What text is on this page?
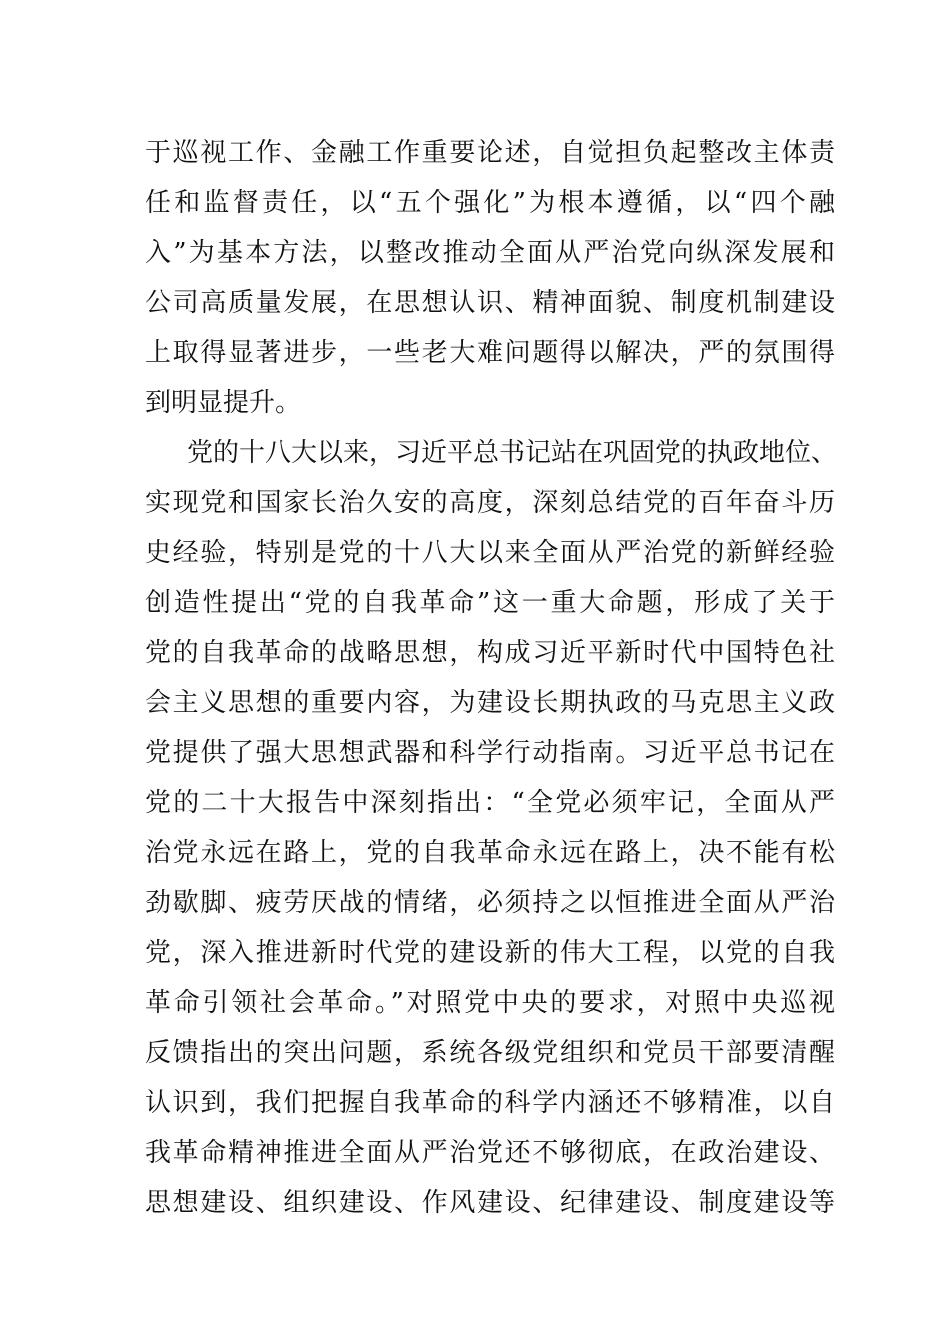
于巡视工作、金融工作重要论述，自觉担负起整改主体责
任和监督责任，以“五个强化”为根本遵循，以“四个融
入”为基本方法，以整改推动全面从严治党向纵深发展和
公司高质量发展，在思想认识、精神面貌、制度机制建设
上取得显著进步，一些老大难问题得以解决，严的氛围得
到明显提升。
党的十八大以来，习近平总书记站在巩固党的执政地位、
实现党和国家长治久安的高度，深刻总结党的百年奋斗历
史经验，特别是党的十八大以来全面从严治党的新鲜经验
创造性提出“党的自我革命”这一重大命题，形成了关于
党的自我革命的战略思想，构成习近平新时代中国特色社
会主义思想的重要内容，为建设长期执政的马克思主义政
党提供了强大思想武器和科学行动指南。习近平总书记在
党的二十大报告中深刻指出：“全党必须牢记，全面从严
治党永远在路上，党的自我革命永远在路上，决不能有松
劲歇脚、疲劳厌战的情绪，必须持之以恒推进全面从严治
党，深入推进新时代党的建设新的伟大工程，以党的自我
革命引领社会革命。”对照党中央的要求，对照中央巡视
反馈指出的突出问题，系统各级党组织和党员干部要清醒
认识到，我们把握自我革命的科学内涵还不够精准，以自
我革命精神推进全面从严治党还不够彻底，在政治建设、
思想建设、组织建设、作风建设、纪律建设、制度建设等
